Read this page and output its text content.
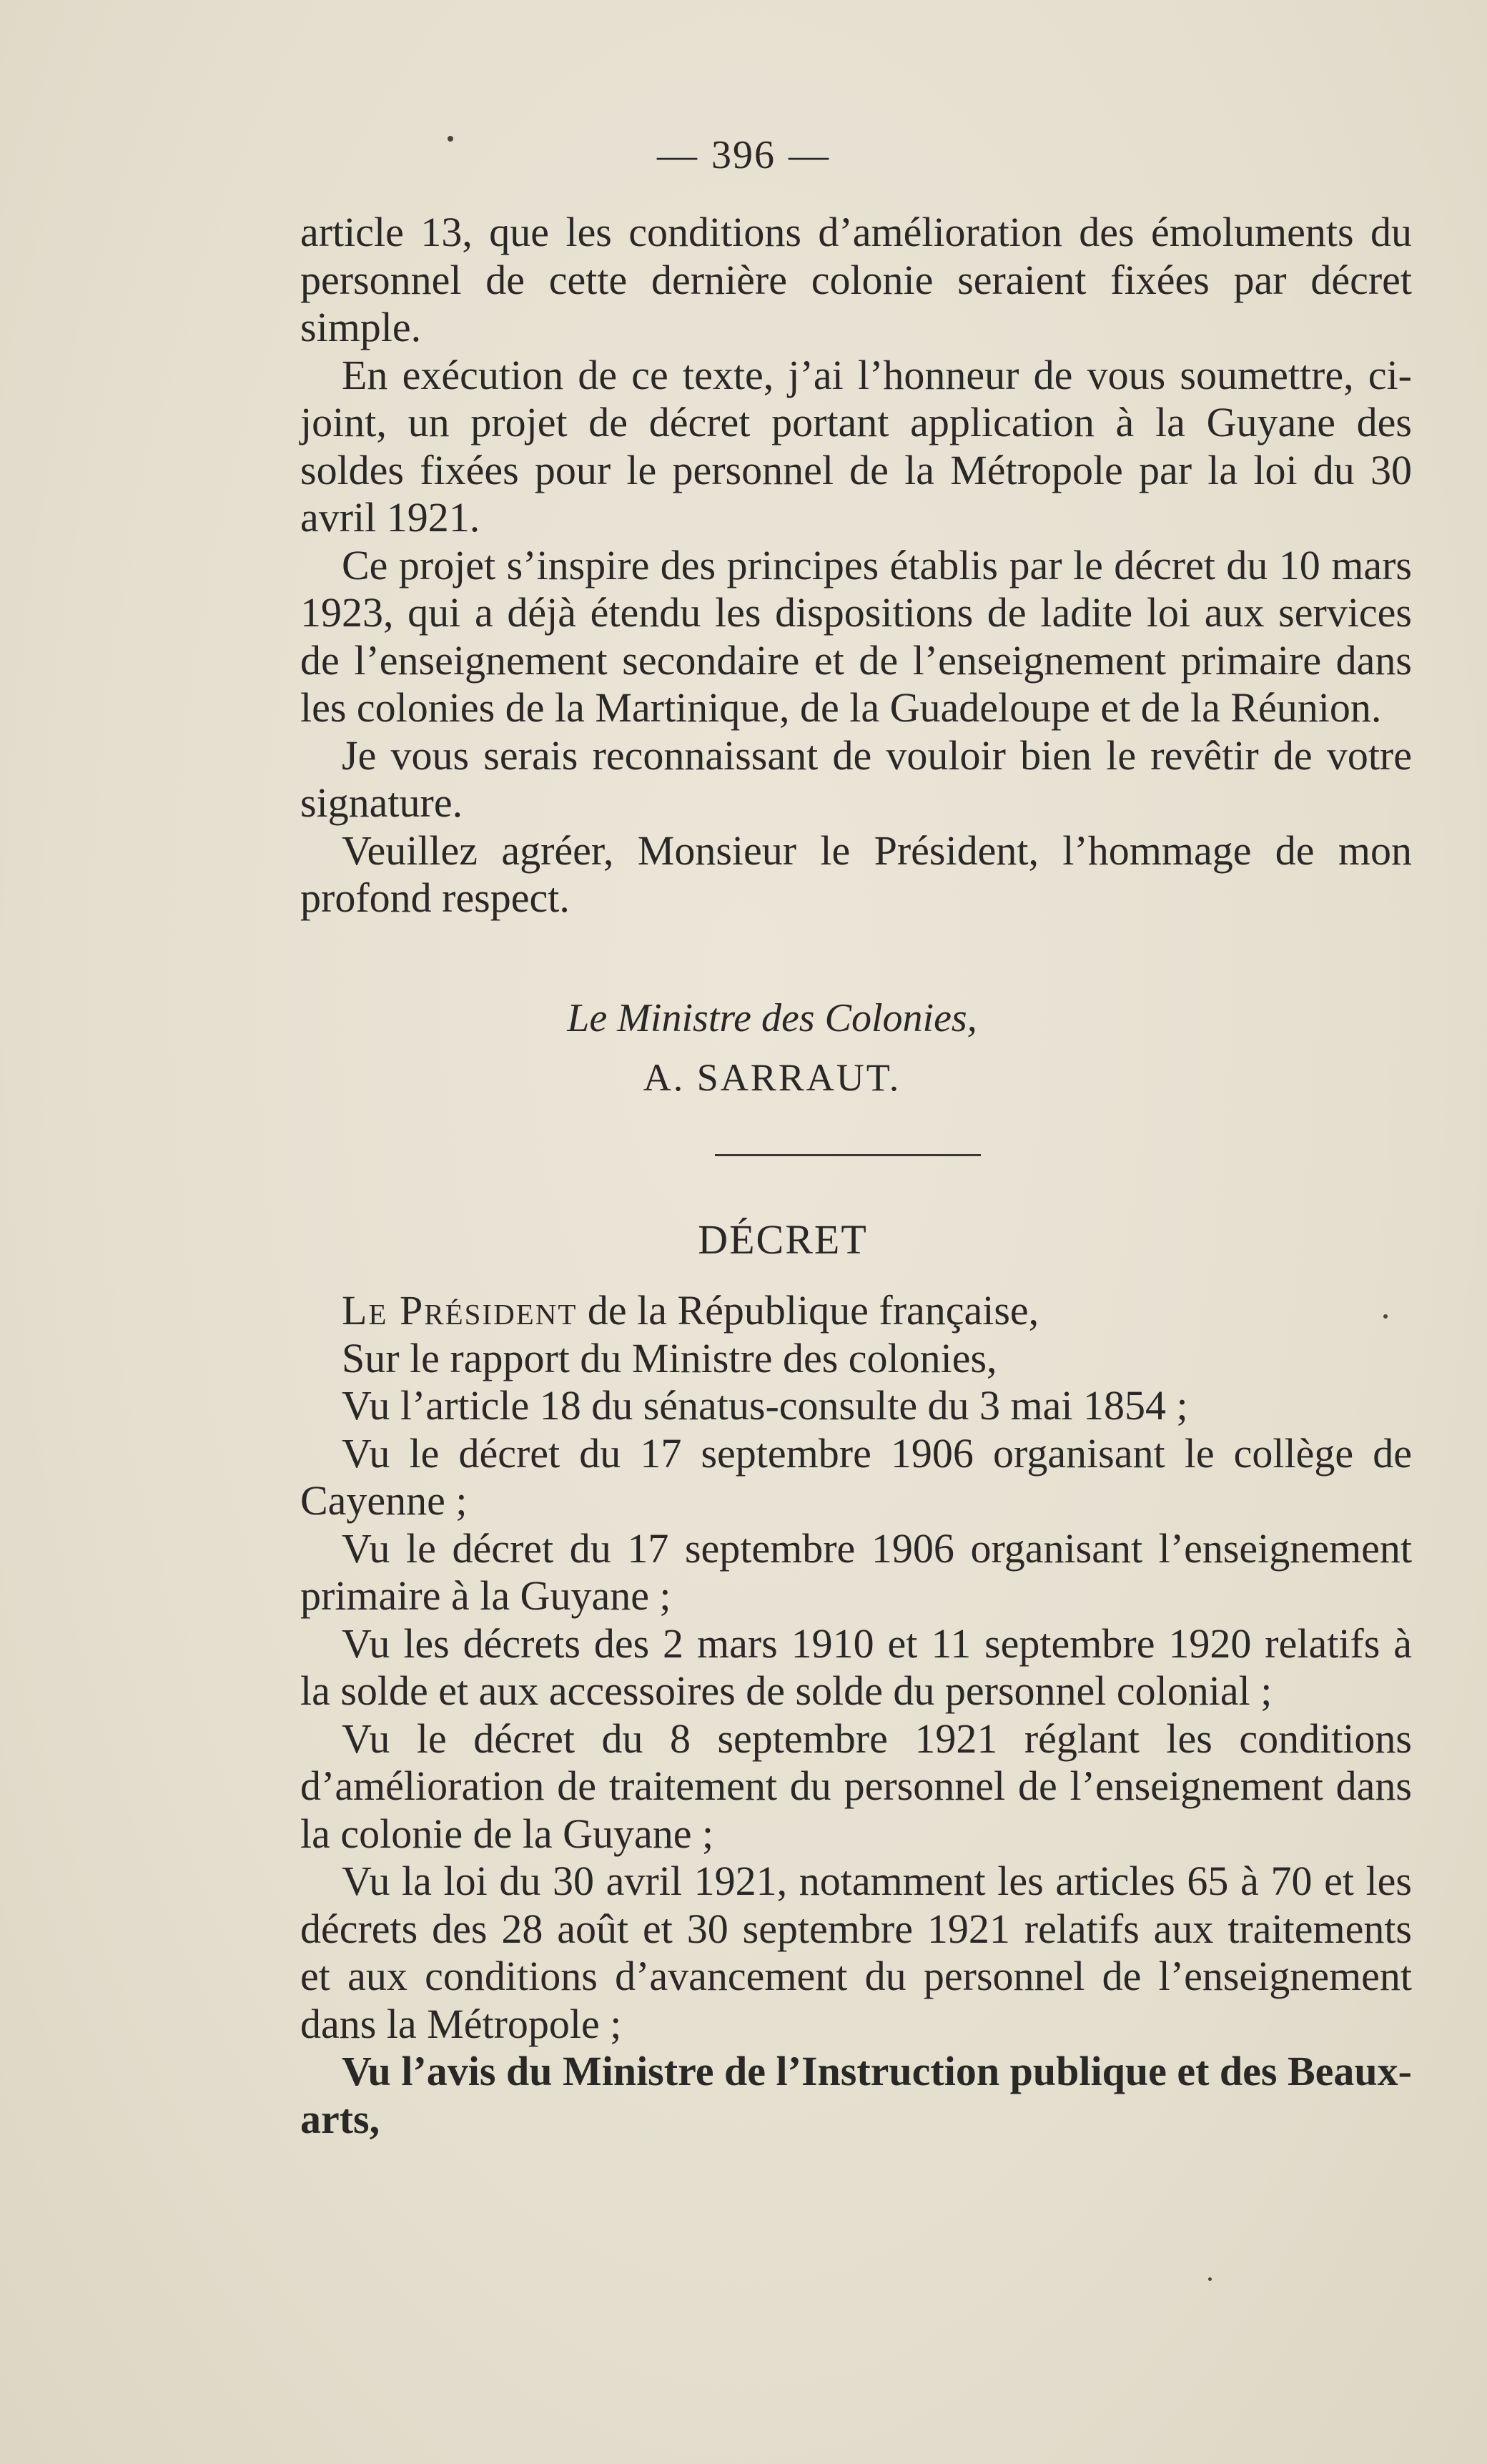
— 396 —

article 13, que les conditions d’amélioration des émoluments du personnel de cette dernière colonie seraient fixées par décret simple.

En exécution de ce texte, j’ai l’honneur de vous soumettre, ci-joint, un projet de décret portant application à la Guyane des soldes fixées pour le personnel de la Métropole par la loi du 30 avril 1921.

Ce projet s’inspire des principes établis par le décret du 10 mars 1923, qui a déjà étendu les dispositions de ladite loi aux services de l’enseignement secondaire et de l’enseignement primaire dans les colonies de la Martinique, de la Guadeloupe et de la Réunion.

Je vous serais reconnaissant de vouloir bien le revêtir de votre signature.

Veuillez agréer, Monsieur le Président, l’hommage de mon profond respect.

Le Ministre des Colonies,
A. SARRAUT.
DÉCRET

Le Président de la République française,

Sur le rapport du Ministre des colonies,

Vu l’article 18 du sénatus-consulte du 3 mai 1854 ;

Vu le décret du 17 septembre 1906 organisant le collège de Cayenne ;

Vu le décret du 17 septembre 1906 organisant l’enseignement primaire à la Guyane ;

Vu les décrets des 2 mars 1910 et 11 septembre 1920 relatifs à la solde et aux accessoires de solde du personnel colonial ;

Vu le décret du 8 septembre 1921 réglant les conditions d’amélioration de traitement du personnel de l’enseignement dans la colonie de la Guyane ;

Vu la loi du 30 avril 1921, notamment les articles 65 à 70 et les décrets des 28 août et 30 septembre 1921 relatifs aux traitements et aux conditions d’avancement du personnel de l’enseignement dans la Métropole ;

Vu l’avis du Ministre de l’Instruction publique et des Beaux-arts,
